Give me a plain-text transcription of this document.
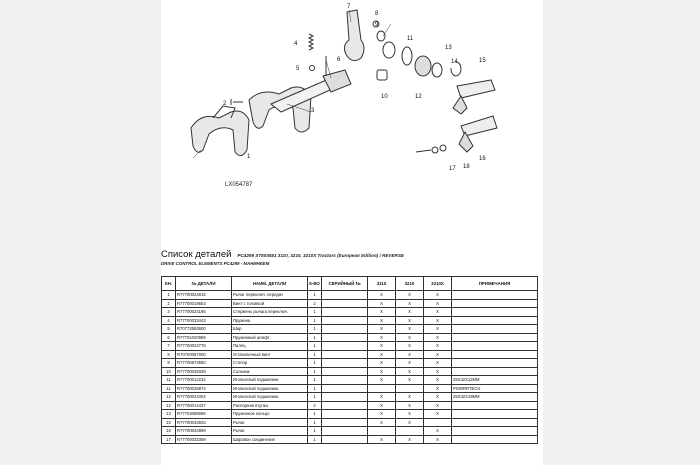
1
2
3
4
5
6
7
8
9
10
11
12
13
14	15
16
17 18
LX054787
Список деталей PC4299 ST503551 3110, 3210, 3210X Tractors (European Edition) / REVERSE
DRIVE CONTROL ELEMENTS PC4299 - МАНИНЕЕМ
КН.	№ ДЕТАЛИ	НАИМ. ДЕТАЛИ	К-ВО	СЕРИЙНЫЙ №	3110	3210	3210X	ПРИМЕЧАНИЯ
1	R77700024815	Рычаг переключ. передач	1		X	X	X	
2	R77700018653	Винт с головкой	2		X	X	X	
3	R77700024186	Стержень рычага переключ.	1		X	X	X	
4	R77700033443	Пружина	1		X	X	X	
5	R70772593600	Шар	1		X	X	X	
6	R77701020989	Пружинный штифт	1		X	X	X	
7	R77700022775	Палец	1		X	X	X	
8	R70700067000	Установочный винт	1		X	X	X	
9	R77700673650	Стопор	1		X	X	X	
10	R77700038339	Сальник	1		X	X	X	
11	R77700012232	Игольчатый подшипник	1		X	X	X	25X32X12MM
11	R77700026874	Игольчатый подшипник	1				X	POWRRTECH
12	R77700023404	Игольчатый подшипник	1		X	X	X	25X32X18MM
12	R77700014437	Распорная втулка	2		X	X	X	
13	R77703088086	Пружинное кольцо	1		X	X	X	
15	R77700033925	Рычаг	1		X	X		
16	R77700044899	Рычаг	1				X	
17	R77700033389	Шаровое соединение	1		X	X	X	
